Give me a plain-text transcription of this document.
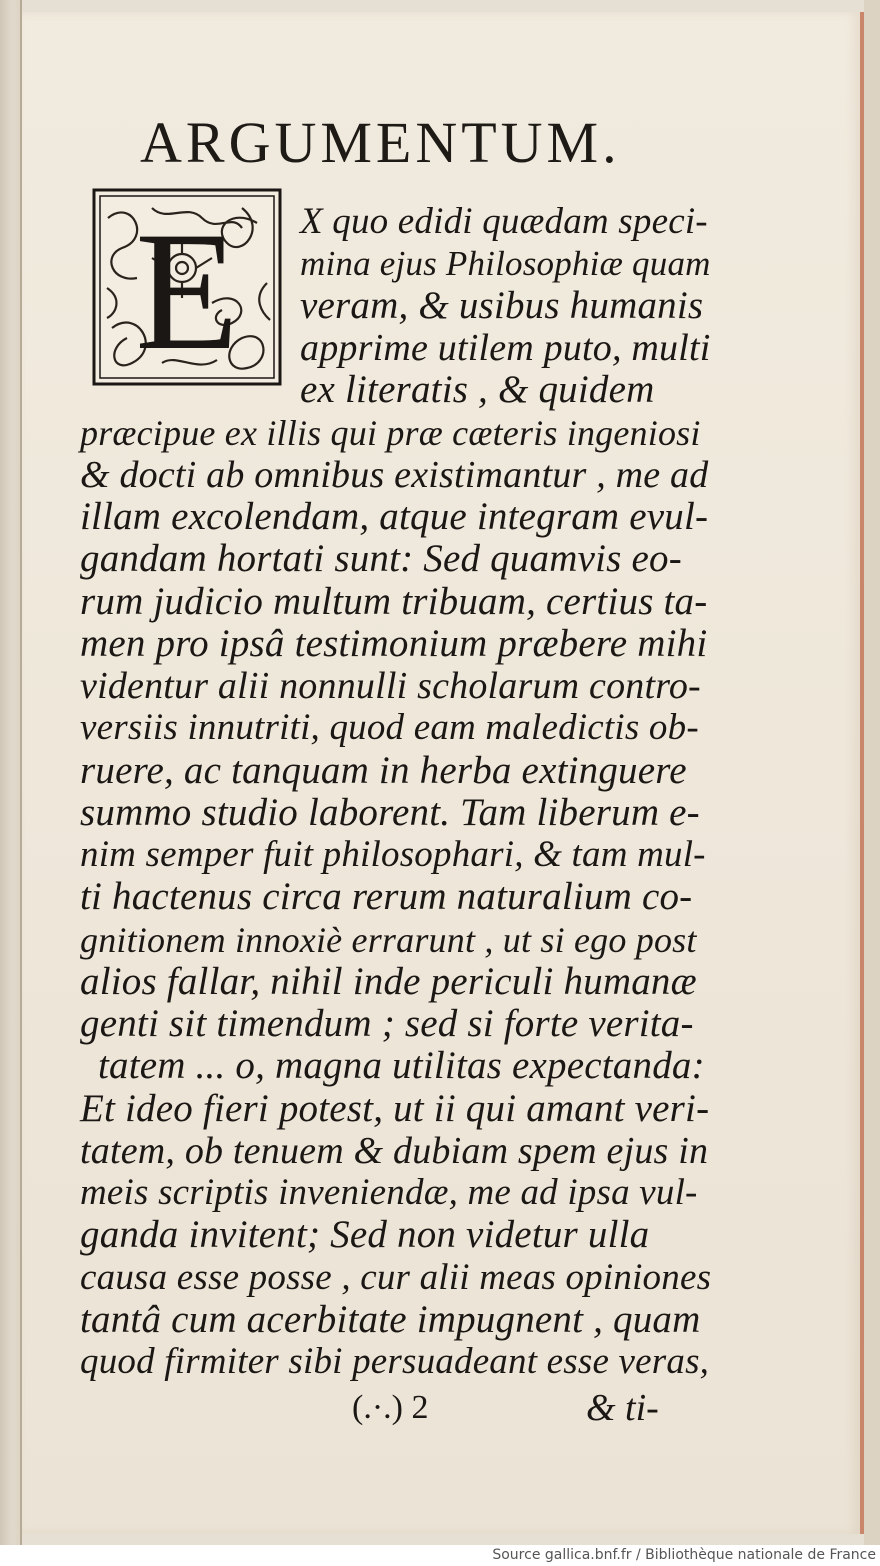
ARGUMENTUM.
E X quo edidi quædam speci-

mina ejus Philosophiæ quam

veram, & usibus humanis

apprime utilem puto, multi

ex literatis , & quidem

præcipue ex illis qui præ cæteris ingeniosi

& docti ab omnibus existimantur , me ad

illam excolendam, atque integram evul-

gandam hortati sunt: Sed quamvis eo-

rum judicio multum tribuam, certius ta-

men pro ipsâ testimonium præbere mihi

videntur alii nonnulli scholarum contro-

versiis innutriti, quod eam maledictis ob-

ruere, ac tanquam in herba extinguere

summo studio laborent. Tam liberum e-

nim semper fuit philosophari, & tam mul-

ti hactenus circa rerum naturalium co-

gnitionem innoxiè errarunt , ut si ego post

alios fallar, nihil inde periculi humanæ

genti sit timendum ; sed si forte verita-

tatem ... o, magna utilitas expectanda:

Et ideo fieri potest, ut ii qui amant veri-

tatem, ob tenuem & dubiam spem ejus in

meis scriptis inveniendæ, me ad ipsa vul-

ganda invitent; Sed non videtur ulla

causa esse posse , cur alii meas opiniones

tantâ cum acerbitate impugnent , quam

quod firmiter sibi persuadeant esse veras,

(.·.) 2	& ti-

Source gallica.bnf.fr / Bibliothèque nationale de France
